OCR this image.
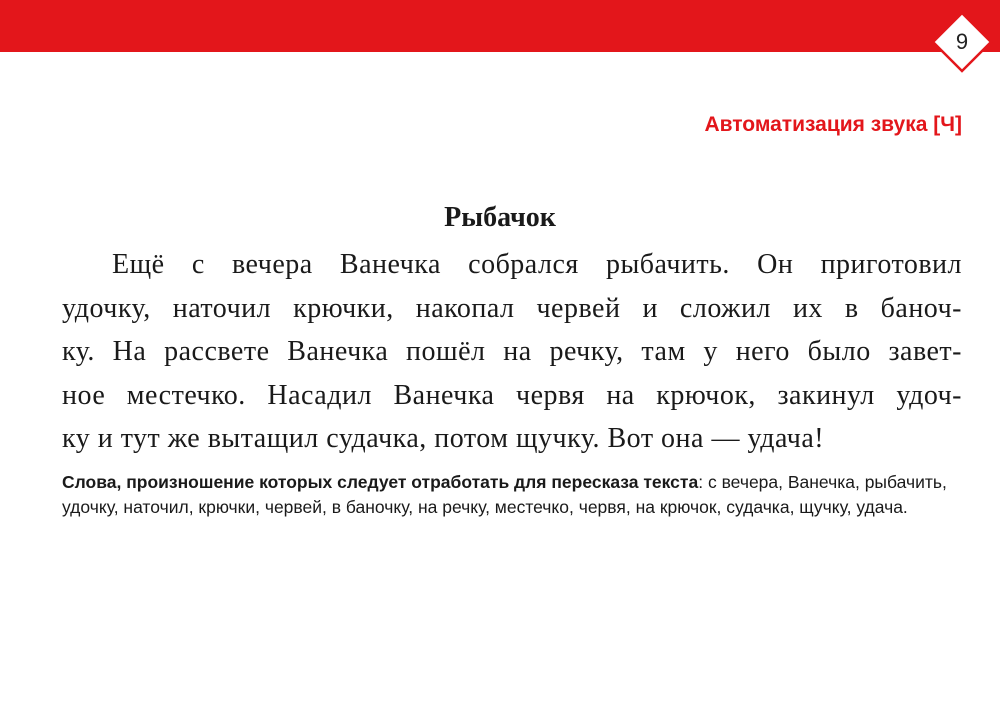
9
Автоматизация звука [Ч]
Рыбачок
Ещё с вечера Ванечка собрался рыбачить. Он приготовил
удочку, наточил крючки, накопал червей и сложил их в баноч-
ку. На рассвете Ванечка пошёл на речку, там у него было завет-
ное местечко. Насадил Ванечка червя на крючок, закинул удоч-
ку и тут же вытащил судачка, потом щучку. Вот она — удача!
Слова, произношение которых следует отработать для пересказа текста: с вечера, Ванечка, рыбачить, удочку, наточил, крючки, червей, в баночку, на речку, местечко, червя, на крючок, судачка, щучку, удача.
